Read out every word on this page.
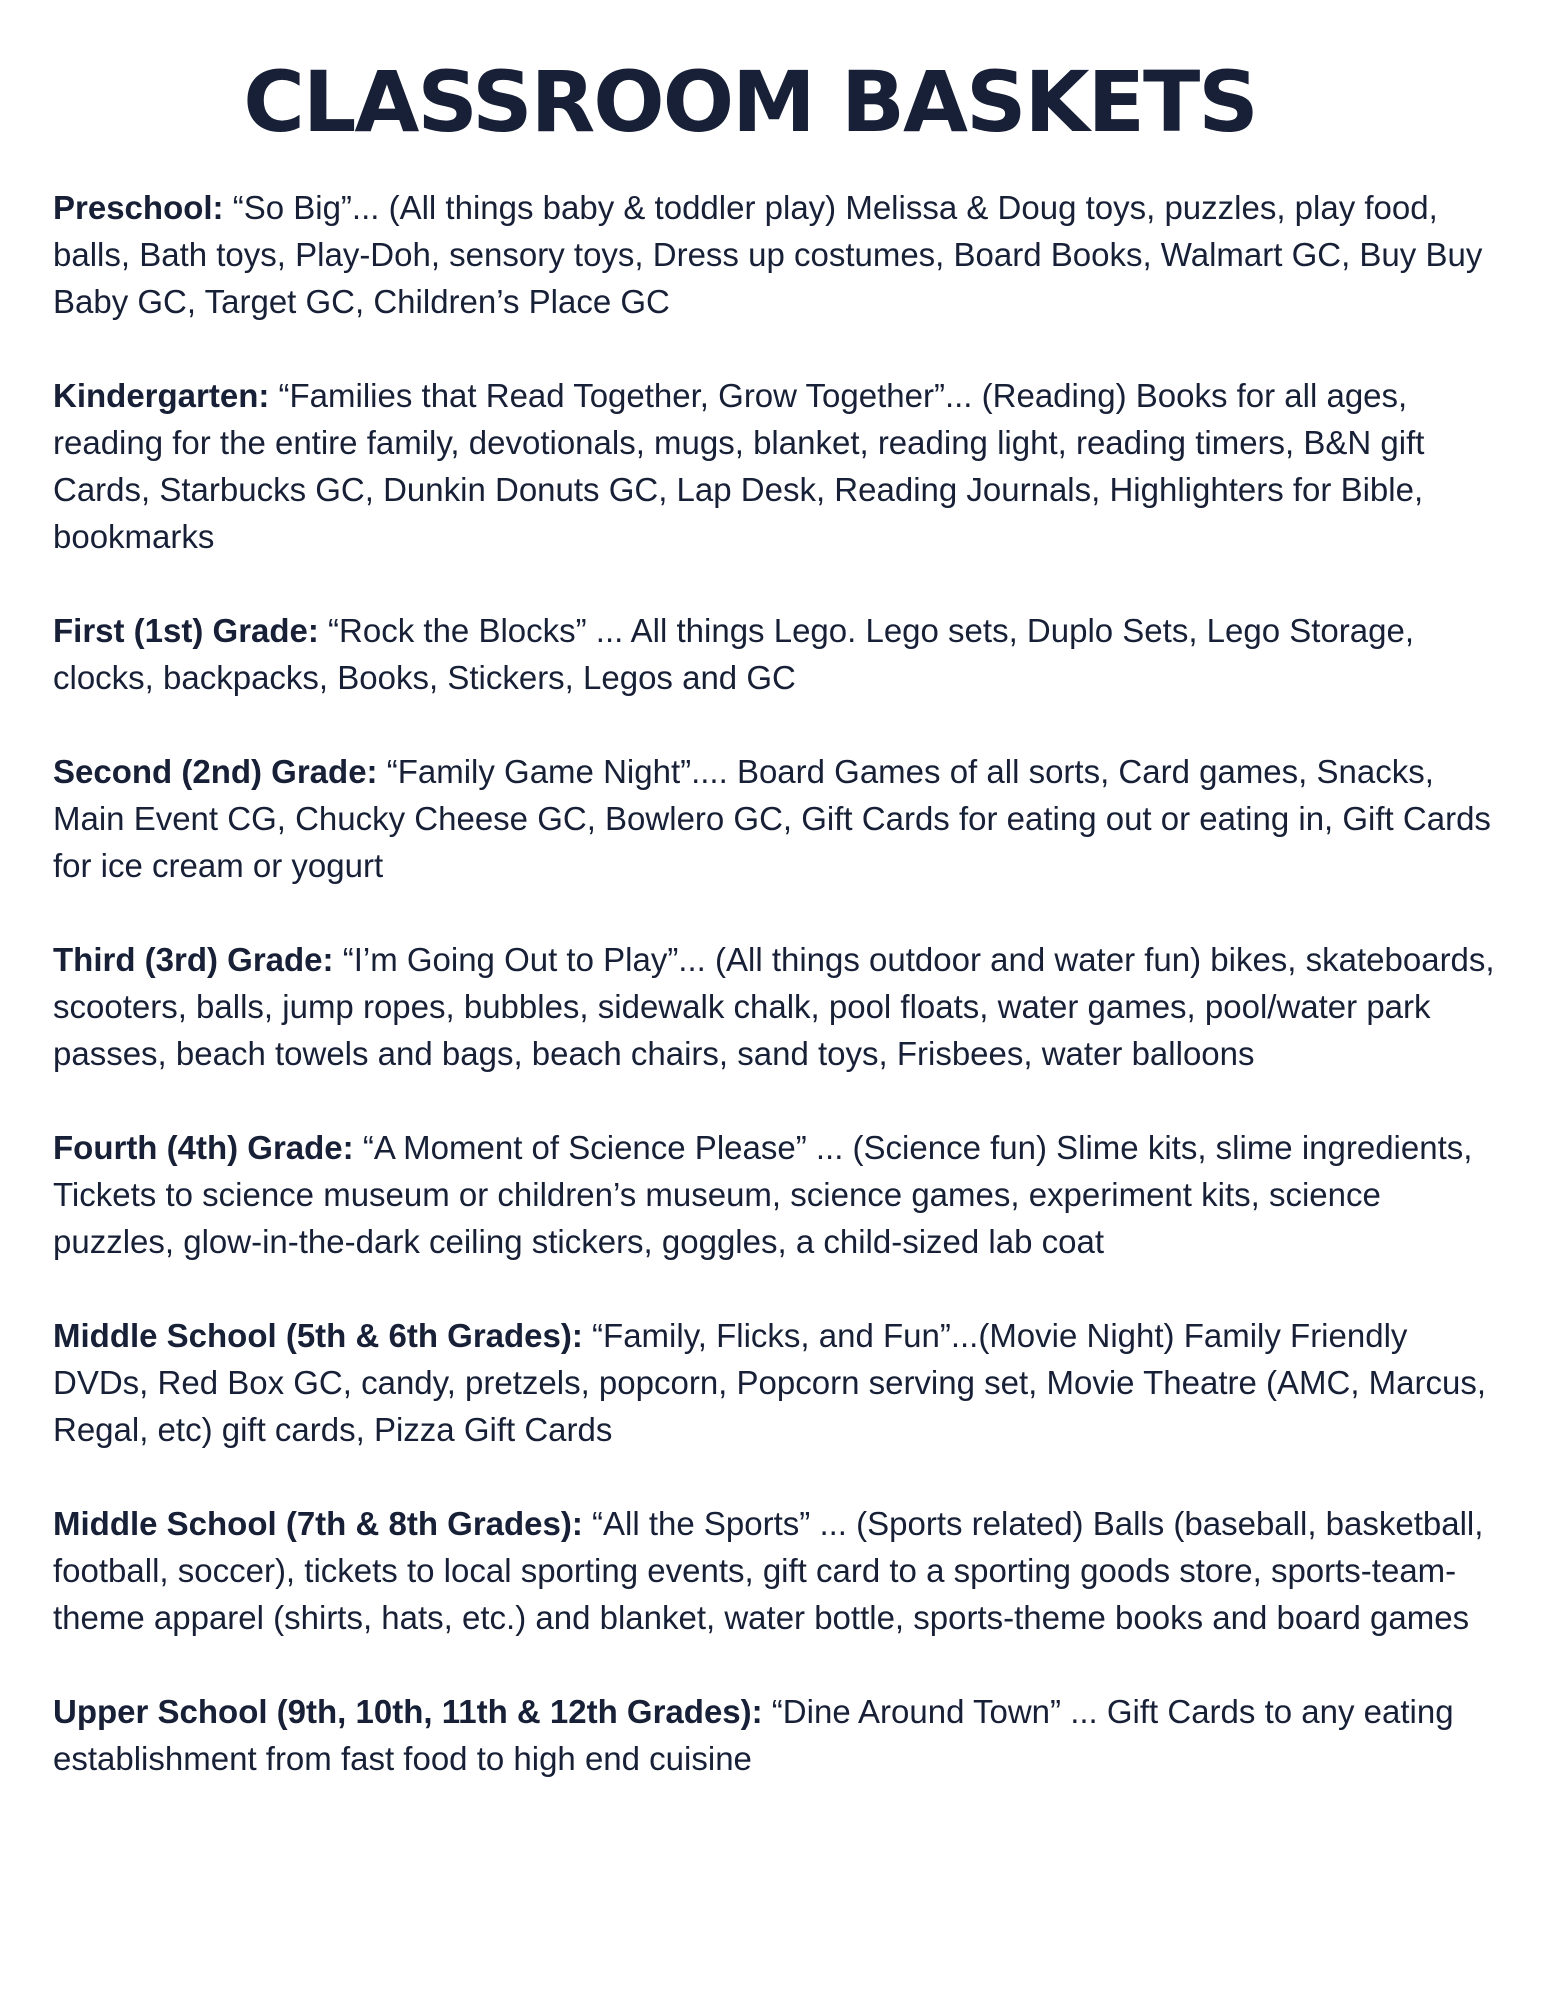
CLASSROOM BASKETS

Preschool: “So Big”... (All things baby & toddler play) Melissa & Doug toys, puzzles, play food, balls, Bath toys, Play-Doh, sensory toys, Dress up costumes, Board Books, Walmart GC, Buy Buy Baby GC, Target GC, Children’s Place GC

Kindergarten: “Families that Read Together, Grow Together”... (Reading) Books for all ages, reading for the entire family, devotionals, mugs, blanket, reading light, reading timers, B&N gift Cards, Starbucks GC, Dunkin Donuts GC, Lap Desk, Reading Journals, Highlighters for Bible, bookmarks

First (1st) Grade: “Rock the Blocks” ... All things Lego. Lego sets, Duplo Sets, Lego Storage, clocks, backpacks, Books, Stickers, Legos and GC

Second (2nd) Grade: “Family Game Night”.... Board Games of all sorts, Card games, Snacks, Main Event CG, Chucky Cheese GC, Bowlero GC, Gift Cards for eating out or eating in, Gift Cards for ice cream or yogurt

Third (3rd) Grade: “I’m Going Out to Play”... (All things outdoor and water fun) bikes, skateboards, scooters, balls, jump ropes, bubbles, sidewalk chalk, pool floats, water games, pool/water park passes, beach towels and bags, beach chairs, sand toys, Frisbees, water balloons

Fourth (4th) Grade: “A Moment of Science Please” ... (Science fun) Slime kits, slime ingredients, Tickets to science museum or children’s museum, science games, experiment kits, science puzzles, glow-in-the-dark ceiling stickers, goggles, a child-sized lab coat

Middle School (5th & 6th Grades): “Family, Flicks, and Fun”...(Movie Night) Family Friendly DVDs, Red Box GC, candy, pretzels, popcorn, Popcorn serving set, Movie Theatre (AMC, Marcus, Regal, etc) gift cards, Pizza Gift Cards

Middle School (7th & 8th Grades): “All the Sports” ... (Sports related) Balls (baseball, basketball, football, soccer), tickets to local sporting events, gift card to a sporting goods store, sports-team-theme apparel (shirts, hats, etc.) and blanket, water bottle, sports-theme books and board games

Upper School (9th, 10th, 11th & 12th Grades): “Dine Around Town” ... Gift Cards to any eating establishment from fast food to high end cuisine
